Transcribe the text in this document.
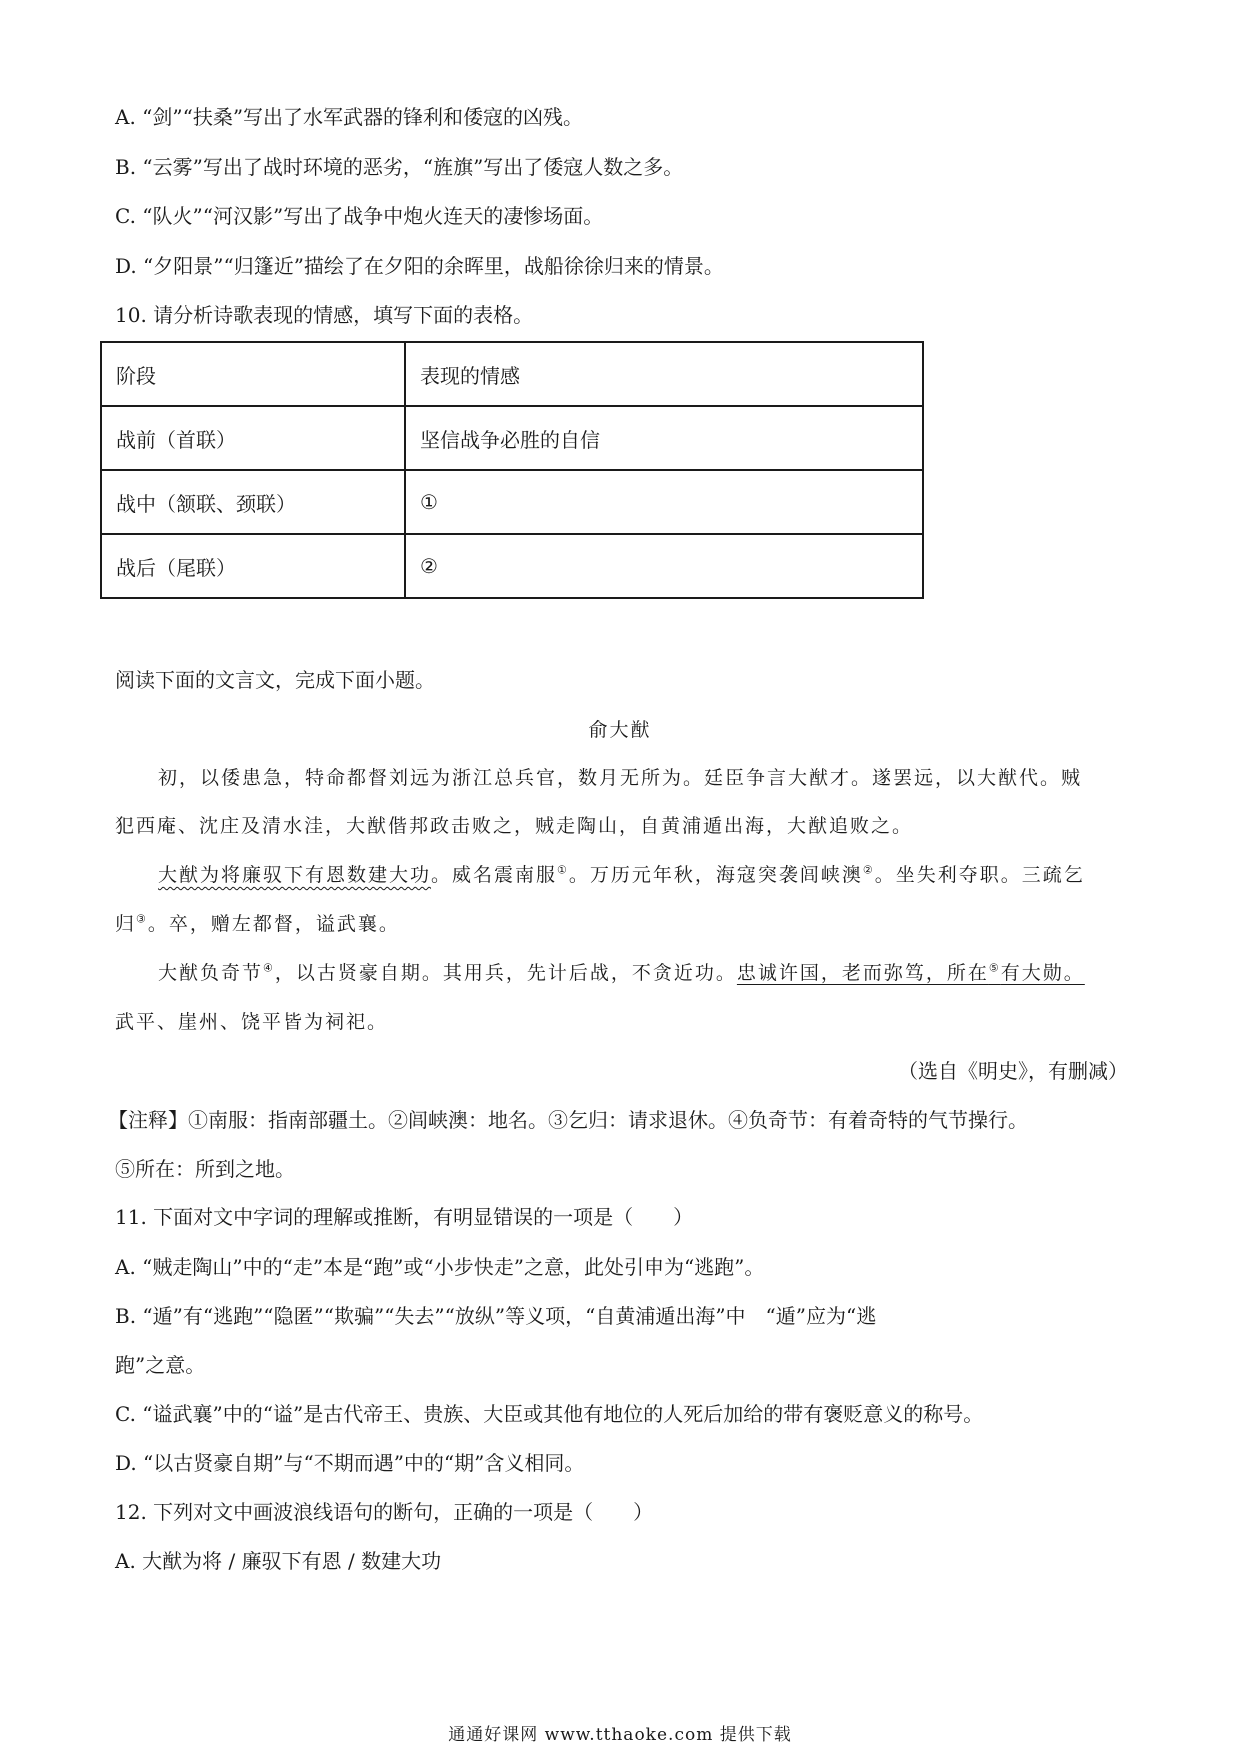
A. “剑”“扶桑”写出了水军武器的锋利和倭寇的凶残。
B. “云雾”写出了战时环境的恶劣，“旌旗”写出了倭寇人数之多。
C. “队火”“河汉影”写出了战争中炮火连天的凄惨场面。
D. “夕阳景”“归篷近”描绘了在夕阳的余晖里，战船徐徐归来的情景。
10. 请分析诗歌表现的情感，填写下面的表格。
阶段	表现的情感
战前（首联）	坚信战争必胜的自信
战中（颔联、颈联）	①
战后（尾联）	②
阅读下面的文言文，完成下面小题。
俞大猷
初，以倭患急，特命都督刘远为浙江总兵官，数月无所为。廷臣争言大猷才。遂罢远，以大猷代。贼
犯西庵、沈庄及清水洼，大猷偕邦政击败之，贼走陶山，自黄浦遁出海，大猷追败之。
大猷为将廉驭下有恩数建大功。威名震南服①。万历元年秋，海寇突袭闾峡澳②。坐失利夺职。三疏乞
归③。卒，赠左都督，谥武襄。
大猷负奇节④，以古贤豪自期。其用兵，先计后战，不贪近功。忠诚许国，老而弥笃，所在⑤有大勋。
武平、崖州、饶平皆为祠祀。
（选自《明史》，有删减）
【注释】①南服：指南部疆土。②闾峡澳：地名。③乞归：请求退休。④负奇节：有着奇特的气节操行。
⑤所在：所到之地。
11. 下面对文中字词的理解或推断，有明显错误的一项是（　　）
A. “贼走陶山”中的“走”本是“跑”或“小步快走”之意，此处引申为“逃跑”。
B. “遁”有“逃跑”“隐匿”“欺骗”“失去”“放纵”等义项，“自黄浦遁出海”中　“遁”应为“逃
跑”之意。
C. “谥武襄”中的“谥”是古代帝王、贵族、大臣或其他有地位的人死后加给的带有褒贬意义的称号。
D. “以古贤豪自期”与“不期而遇”中的“期”含义相同。
12. 下列对文中画波浪线语句的断句，正确的一项是（　　）
A. 大猷为将 / 廉驭下有恩 / 数建大功
通通好课网 www.tthaoke.com 提供下载
